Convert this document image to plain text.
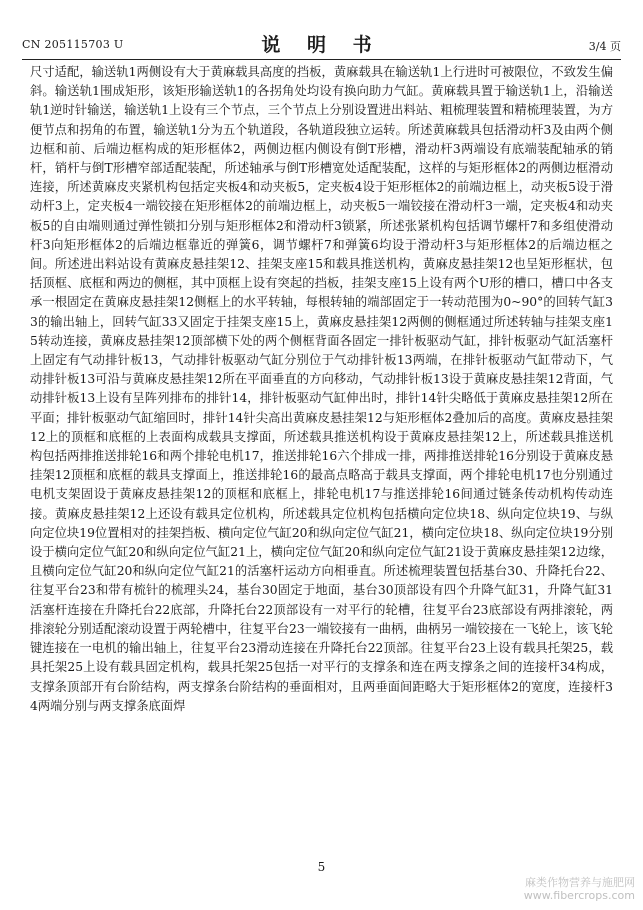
CN 205115703 U	说 明 书	3/4 页

尺寸适配，输送轨1两侧设有大于黄麻载具高度的挡板，黄麻载具在输送轨1上行进时可被限位，不致发生偏斜。输送轨1围成矩形，该矩形输送轨1的各拐角处均设有换向助力气缸。黄麻载具置于输送轨1上，沿输送轨1逆时针输送，输送轨1上设有三个节点，三个节点上分别设置进出料站、粗梳理装置和精梳理装置，为方便节点和拐角的布置，输送轨1分为五个轨道段，各轨道段独立运转。所述黄麻载具包括滑动杆3及由两个侧边框和前、后端边框构成的矩形框体2，两侧边框内侧设有倒T形槽，滑动杆3两端设有底端装配轴承的销杆，销杆与倒T形槽窄部适配装配，所述轴承与倒T形槽宽处适配装配，这样的与矩形框体2的两侧边框滑动连接，所述黄麻皮夹紧机构包括定夹板4和动夹板5，定夹板4设于矩形框体2的前端边框上，动夹板5设于滑动杆3上，定夹板4一端铰接在矩形框体2的前端边框上，动夹板5一端铰接在滑动杆3一端，定夹板4和动夹板5的自由端则通过弹性锁扣分别与矩形框体2和滑动杆3锁紧，所述张紧机构包括调节螺杆7和多组使滑动杆3向矩形框体2的后端边框靠近的弹簧6，调节螺杆7和弹簧6均设于滑动杆3与矩形框体2的后端边框之间。所述进出料站设有黄麻皮悬挂架12、挂架支座15和载具推送机构，黄麻皮悬挂架12也呈矩形框状，包括顶框、底框和两边的侧框，其中顶框上设有突起的挡板，挂架支座15上设有两个U形的槽口，槽口中各支承一根固定在黄麻皮悬挂架12侧框上的水平转轴，每根转轴的端部固定于一转动范围为0~90°的回转气缸33的输出轴上，回转气缸33又固定于挂架支座15上，黄麻皮悬挂架12两侧的侧框通过所述转轴与挂架支座15转动连接，黄麻皮悬挂架12顶部横下处的两个侧框背面各固定一排针板驱动气缸，排针板驱动气缸活塞杆上固定有气动排针板13，气动排针板驱动气缸分别位于气动排针板13两端，在排针板驱动气缸带动下，气动排针板13可沿与黄麻皮悬挂架12所在平面垂直的方向移动，气动排针板13设于黄麻皮悬挂架12背面，气动排针板13上设有呈阵列排布的排针14，排针板驱动气缸伸出时，排针14针尖略低于黄麻皮悬挂架12所在平面；排针板驱动气缸缩回时，排针14针尖高出黄麻皮悬挂架12与矩形框体2叠加后的高度。黄麻皮悬挂架12上的顶框和底框的上表面构成载具支撑面，所述载具推送机构设于黄麻皮悬挂架12上，所述载具推送机构包括两排推送排轮16和两个排轮电机17，推送排轮16六个排成一排，两排推送排轮16分别设于黄麻皮悬挂架12顶框和底框的载具支撑面上，推送排轮16的最高点略高于载具支撑面，两个排轮电机17也分别通过电机支架固设于黄麻皮悬挂架12的顶框和底框上，排轮电机17与推送排轮16间通过链条传动机构传动连接。黄麻皮悬挂架12上还设有载具定位机构，所述载具定位机构包括横向定位块18、纵向定位块19、与纵向定位块19位置相对的挂架挡板、横向定位气缸20和纵向定位气缸21，横向定位块18、纵向定位块19分别设于横向定位气缸20和纵向定位气缸21上，横向定位气缸20和纵向定位气缸21设于黄麻皮悬挂架12边缘，且横向定位气缸20和纵向定位气缸21的活塞杆运动方向相垂直。所述梳理装置包括基台30、升降托台22、往复平台23和带有梳针的梳理头24，基台30固定于地面，基台30顶部设有四个升降气缸31，升降气缸31活塞杆连接在升降托台22底部，升降托台22顶部设有一对平行的轮槽，往复平台23底部设有两排滚轮，两排滚轮分别适配滚动设置于两轮槽中，往复平台23一端铰接有一曲柄，曲柄另一端铰接在一飞轮上，该飞轮键连接在一电机的输出轴上，往复平台23滑动连接在升降托台22顶部。往复平台23上设有载具托架25，载具托架25上设有载具固定机构，载具托架25包括一对平行的支撑条和连在两支撑条之间的连接杆34构成，支撑条顶部开有台阶结构，两支撑条台阶结构的垂面相对，且两垂面间距略大于矩形框体2的宽度，连接杆34两端分别与两支撑条底面焊

5
麻类作物营养与施肥网
www.fibercrops.com
